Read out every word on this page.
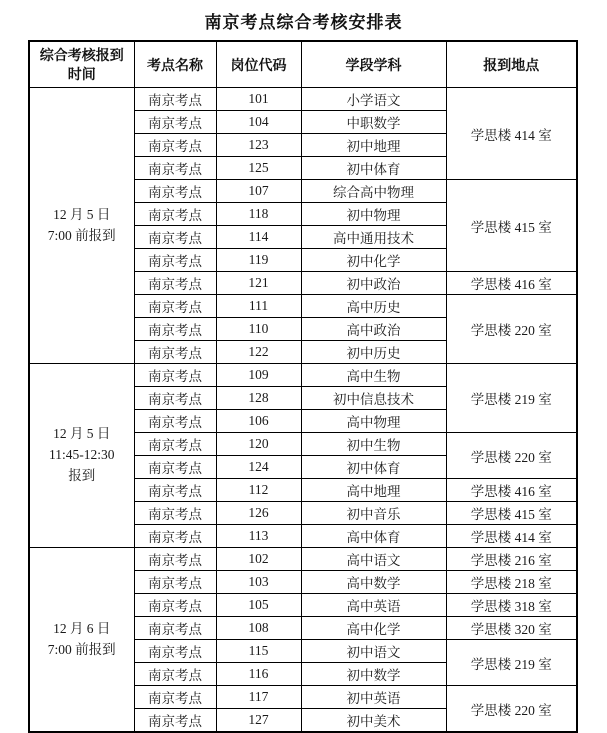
南京考点综合考核安排表
综合考核报到时间	考点名称	岗位代码	学段学科	报到地点

12 月 5 日
7:00 前报到	南京考点	101	小学语文	学思楼 414 室
	南京考点	104	中职数学	
	南京考点	123	初中地理	
	南京考点	125	初中体育	
	南京考点	107	综合高中物理	学思楼 415 室
	南京考点	118	初中物理	
	南京考点	114	高中通用技术	
	南京考点	119	初中化学	
	南京考点	121	初中政治	学思楼 416 室
	南京考点	111	高中历史	学思楼 220 室
	南京考点	110	高中政治	
	南京考点	122	初中历史	

12 月 5 日
11:45-12:30
报到	南京考点	109	高中生物	学思楼 219 室
	南京考点	128	初中信息技术	
	南京考点	106	高中物理	
	南京考点	120	初中生物	学思楼 220 室
	南京考点	124	初中体育	
	南京考点	112	高中地理	学思楼 416 室
	南京考点	126	初中音乐	学思楼 415 室
	南京考点	113	高中体育	学思楼 414 室

12 月 6 日
7:00 前报到	南京考点	102	高中语文	学思楼 216 室
	南京考点	103	高中数学	学思楼 218 室
	南京考点	105	高中英语	学思楼 318 室
	南京考点	108	高中化学	学思楼 320 室
	南京考点	115	初中语文	学思楼 219 室
	南京考点	116	初中数学	
	南京考点	117	初中英语	学思楼 220 室
	南京考点	127	初中美术	
